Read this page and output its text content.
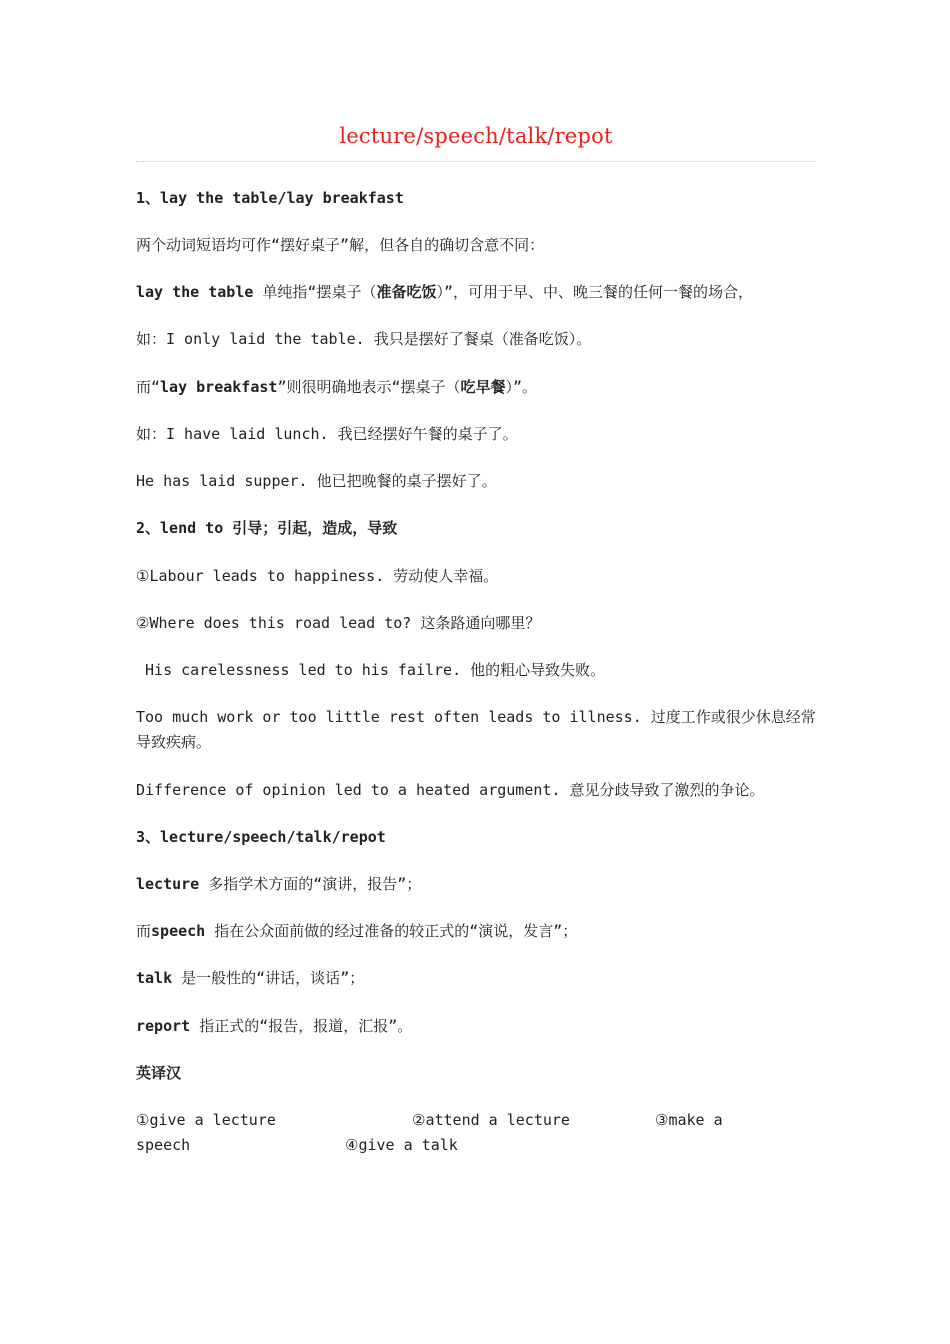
lecture/speech/talk/repot
1、lay the table/lay breakfast
两个动词短语均可作“摆好桌子”解，但各自的确切含意不同：
lay the table 单纯指“摆桌子（准备吃饭）”，可用于早、中、晚三餐的任何一餐的场合，
如：I only laid the table. 我只是摆好了餐桌（准备吃饭）。
而“lay breakfast”则很明确地表示“摆桌子（吃早餐）”。
如：I have laid lunch. 我已经摆好午餐的桌子了。
He has laid supper. 他已把晚餐的桌子摆好了。
2、lend to 引导；引起，造成，导致
①Labour leads to happiness. 劳动使人幸福。
②Where does this road lead to? 这条路通向哪里？
His carelessness led to his failre. 他的粗心导致失败。
Too much work or too little rest often leads to illness. 过度工作或很少休息经常导致疾病。
Difference of opinion led to a heated argument. 意见分歧导致了激烈的争论。
3、lecture/speech/talk/repot
lecture 多指学术方面的“演讲，报告”；
而speech 指在公众面前做的经过准备的较正式的“演说，发言”；
talk 是一般性的“讲话，谈话”；
report 指正式的“报告，报道，汇报”。
英译汉
①give a lecture	②attend a lecture	③make a
speech	④give a talk
